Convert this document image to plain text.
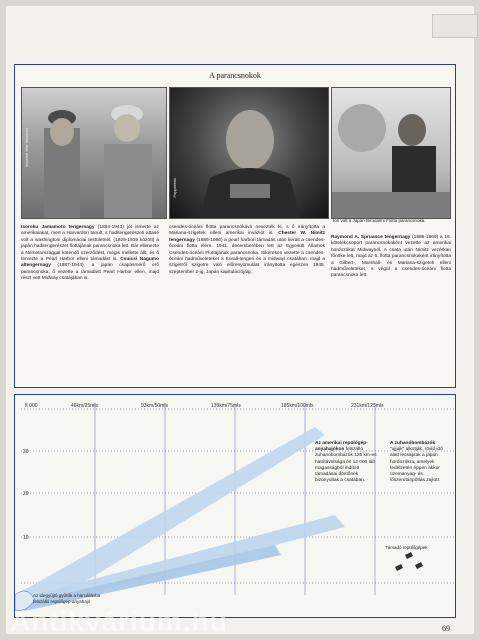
A parancsnokok
Imperial War Museum
Popperfoto
ton volt a Japán Birodalmi Flotta parancsnoka.
Isoroku Jamamoto tengernagy (1884-1943) jól ismerte az amerikaiakat, mert a Harvardon tanult, s haditengerészeti attasé volt a washingtoni diplomáciai testületnél. (1929-1939 között) a japán haditengerészet flottájának parancsnoka lett. Bár ellenezte a Németországgal kötendő szerződést, mégis mellette állt, és ő tervezte a Pearl Harbor elleni támadást is. Csuicsi Nagumo altengernagy (1887-1944), a japán csapásmérő erő parancsnoka, ő vezette a támadást Pearl Harbor ellen, majd részt vett Midway csatájában is.
csendes-óceáni flotta parancsnokává nevezték ki, s ő irányította a Mariana-szigetek elleni amerikai inváziót is. Chester W. Nimitz tengernagy (1885-1966) a pearl harbori támadás után került a csendes-óceáni flotta élére. 1941. decemberében lett az Egyesült Államok Csendes-óceáni Flottájának parancsnoka. Sikeresen vezette a csendes-óceáni hadműveleteket a Korall-tengeri és a midwayi csatában, majd a szigetről szigetre való előrenyomulást irányította egészen 1945. szeptember 2-ig, Japán kapitulációjáig.
Raymond A. Spruance tengernagy (1886-1969) a 16. kötelékcsoport parancsnokaként vezette az amerikai hordozókat Midwaynél. A csata után Nimitz vezérkari főnöke lett, majd az 5. flotta parancsnokaként irányította a Gilbert-, Marshall- és Mariana-szigetek elleni hadműveleteket, s végül a csendes-óceáni flotta parancsnoka lett.
ft 000	46km/25mls	93km/50mls	139km/75mls	185km/100mls	231km/125mls
30
20
10
Az amerikai repülőgép-anyahajókon felszálló zuhanóbombázók 125 km-es hatótávolsága és 12 000 láb magasságból indított támadásai döntőnek bizonyultak a csatában.
A zuhanóbombázók "ujjaik" alkotják, rövid idő alatt lecsaptak a japán hordozókra, amelyek fedélzetén éppen akkor üzemanyag- és lőszerutánpótlás zajlott.
Támadó repülőgépek
Az idegyűjtő gyűrűk a harcállásba
felszálló repülőgép-anyahajó
69
Antikvárium.hu
